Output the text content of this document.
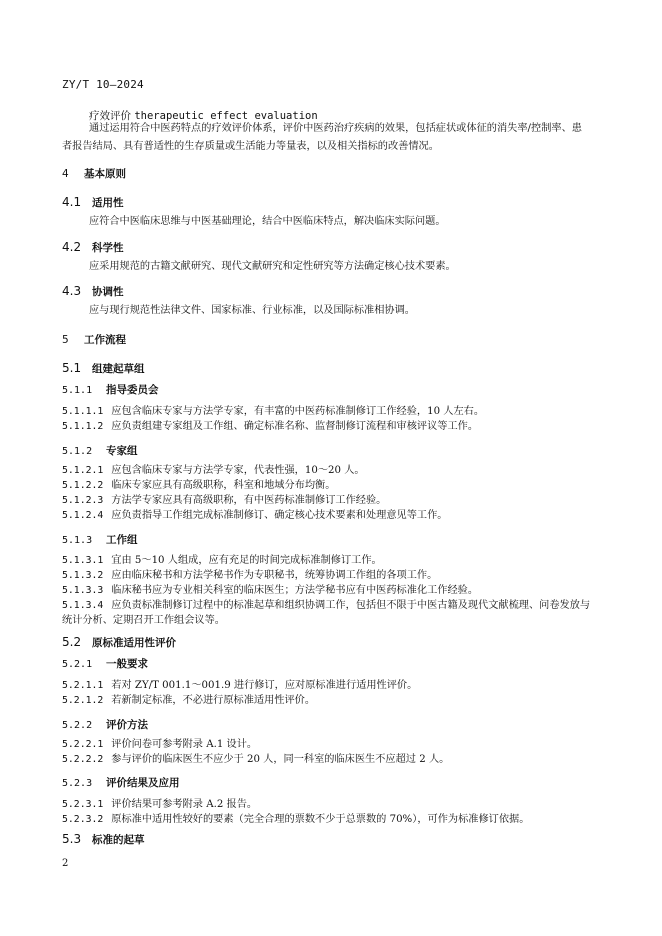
ZY/T 10—2024
疗效评价 therapeutic effect evaluation
通过运用符合中医药特点的疗效评价体系，评价中医药治疗疾病的效果，包括症状或体征的消失率/控制率、患者报告结局、具有普适性的生存质量或生活能力等量表，以及相关指标的改善情况。
4 基本原则
4.1 适用性
应符合中医临床思维与中医基础理论，结合中医临床特点，解决临床实际问题。
4.2 科学性
应采用规范的古籍文献研究、现代文献研究和定性研究等方法确定核心技术要素。
4.3 协调性
应与现行规范性法律文件、国家标准、行业标准，以及国际标准相协调。
5 工作流程
5.1 组建起草组
5.1.1 指导委员会
5.1.1.1 应包含临床专家与方法学专家，有丰富的中医药标准制修订工作经验，10 人左右。
5.1.1.2 应负责组建专家组及工作组、确定标准名称、监督制修订流程和审核评议等工作。
5.1.2 专家组
5.1.2.1 应包含临床专家与方法学专家，代表性强，10～20 人。
5.1.2.2 临床专家应具有高级职称，科室和地域分布均衡。
5.1.2.3 方法学专家应具有高级职称，有中医药标准制修订工作经验。
5.1.2.4 应负责指导工作组完成标准制修订、确定核心技术要素和处理意见等工作。
5.1.3 工作组
5.1.3.1 宜由 5～10 人组成，应有充足的时间完成标准制修订工作。
5.1.3.2 应由临床秘书和方法学秘书作为专职秘书，统筹协调工作组的各项工作。
5.1.3.3 临床秘书应为专业相关科室的临床医生；方法学秘书应有中医药标准化工作经验。
5.1.3.4 应负责标准制修订过程中的标准起草和组织协调工作，包括但不限于中医古籍及现代文献梳理、问卷发放与统计分析、定期召开工作组会议等。
5.2 原标准适用性评价
5.2.1 一般要求
5.2.1.1 若对 ZY/T 001.1～001.9 进行修订，应对原标准进行适用性评价。
5.2.1.2 若新制定标准，不必进行原标准适用性评价。
5.2.2 评价方法
5.2.2.1 评价问卷可参考附录 A.1 设计。
5.2.2.2 参与评价的临床医生不应少于 20 人，同一科室的临床医生不应超过 2 人。
5.2.3 评价结果及应用
5.2.3.1 评价结果可参考附录 A.2 报告。
5.2.3.2 原标准中适用性较好的要素（完全合理的票数不少于总票数的 70%），可作为标准修订依据。
5.3 标准的起草
2
